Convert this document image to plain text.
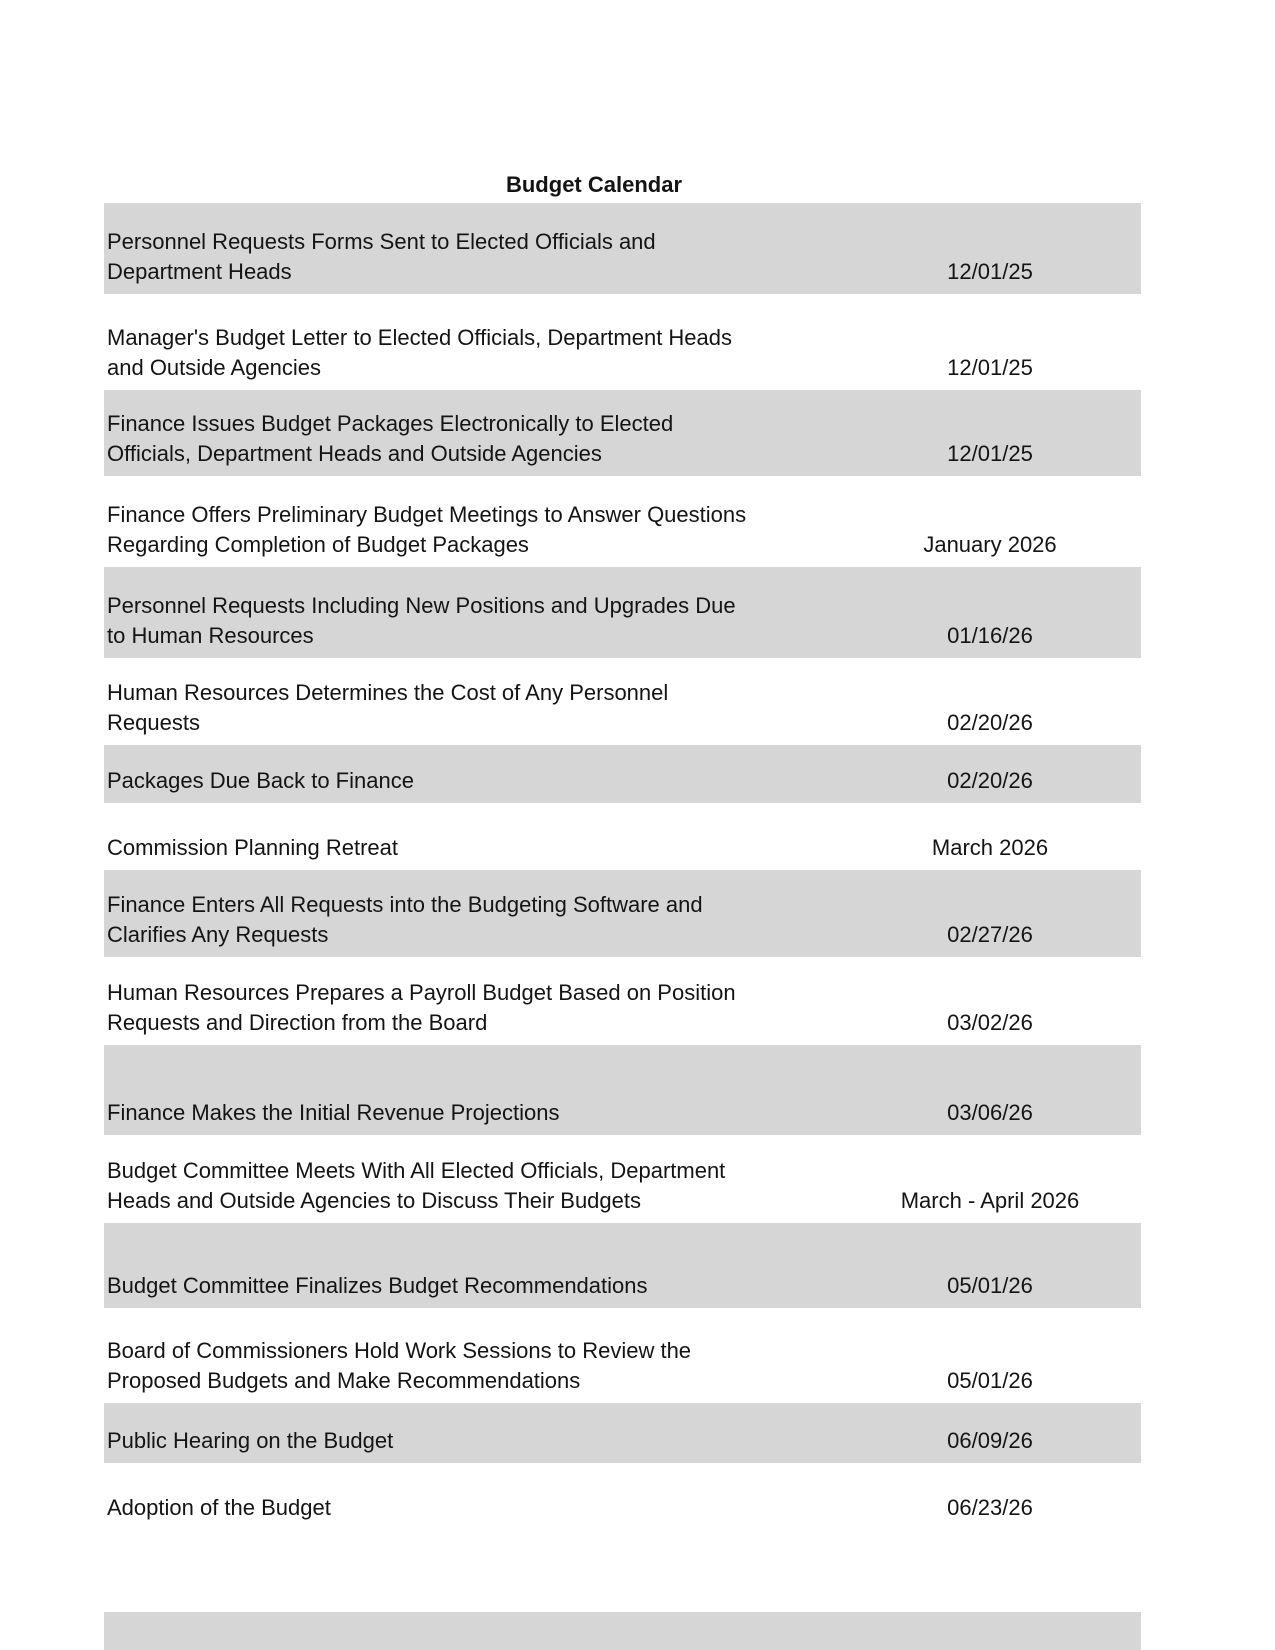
Budget Calendar

Personnel Requests Forms Sent to Elected Officials and
Department Heads	12/01/25
Manager's Budget Letter to Elected Officials, Department Heads
and Outside Agencies	12/01/25
Finance Issues Budget Packages Electronically to Elected
Officials, Department Heads and Outside Agencies	12/01/25
Finance Offers Preliminary Budget Meetings to Answer Questions
Regarding Completion of Budget Packages	January 2026
Personnel Requests Including New Positions and Upgrades Due
to Human Resources	01/16/26
Human Resources Determines the Cost of Any Personnel
Requests	02/20/26
Packages Due Back to Finance	02/20/26
Commission Planning Retreat	March 2026
Finance Enters All Requests into the Budgeting Software and
Clarifies Any Requests	02/27/26
Human Resources Prepares a Payroll Budget Based on Position
Requests and Direction from the Board	03/02/26
Finance Makes the Initial Revenue Projections	03/06/26
Budget Committee Meets With All Elected Officials, Department
Heads and Outside Agencies to Discuss Their Budgets	March - April 2026
Budget Committee Finalizes Budget Recommendations	05/01/26
Board of Commissioners Hold Work Sessions to Review the
Proposed Budgets and Make Recommendations	05/01/26
Public Hearing on the Budget	06/09/26
Adoption of the Budget	06/23/26
